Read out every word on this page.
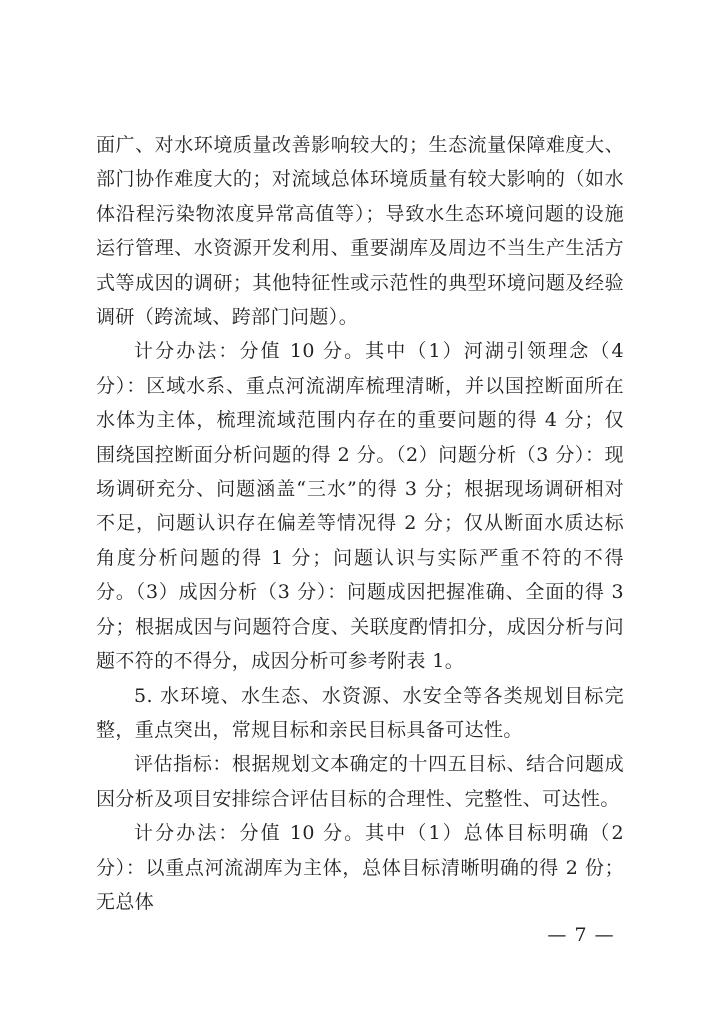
面广、对水环境质量改善影响较大的；生态流量保障难度大、部门协作难度大的；对流域总体环境质量有较大影响的（如水体沿程污染物浓度异常高值等）；导致水生态环境问题的设施运行管理、水资源开发利用、重要湖库及周边不当生产生活方式等成因的调研；其他特征性或示范性的典型环境问题及经验调研（跨流域、跨部门问题）。

计分办法：分值 10 分。其中（1）河湖引领理念（4 分）：区域水系、重点河流湖库梳理清晰，并以国控断面所在水体为主体，梳理流域范围内存在的重要问题的得 4 分；仅围绕国控断面分析问题的得 2 分。（2）问题分析（3 分）：现场调研充分、问题涵盖“三水”的得 3 分；根据现场调研相对不足，问题认识存在偏差等情况得 2 分；仅从断面水质达标角度分析问题的得 1 分；问题认识与实际严重不符的不得分。（3）成因分析（3 分）：问题成因把握准确、全面的得 3 分；根据成因与问题符合度、关联度酌情扣分，成因分析与问题不符的不得分，成因分析可参考附表 1。

5. 水环境、水生态、水资源、水安全等各类规划目标完整，重点突出，常规目标和亲民目标具备可达性。

评估指标：根据规划文本确定的十四五目标、结合问题成因分析及项目安排综合评估目标的合理性、完整性、可达性。

计分办法：分值 10 分。其中（1）总体目标明确（2 分）：以重点河流湖库为主体，总体目标清晰明确的得 2 份；无总体

— 7 —
